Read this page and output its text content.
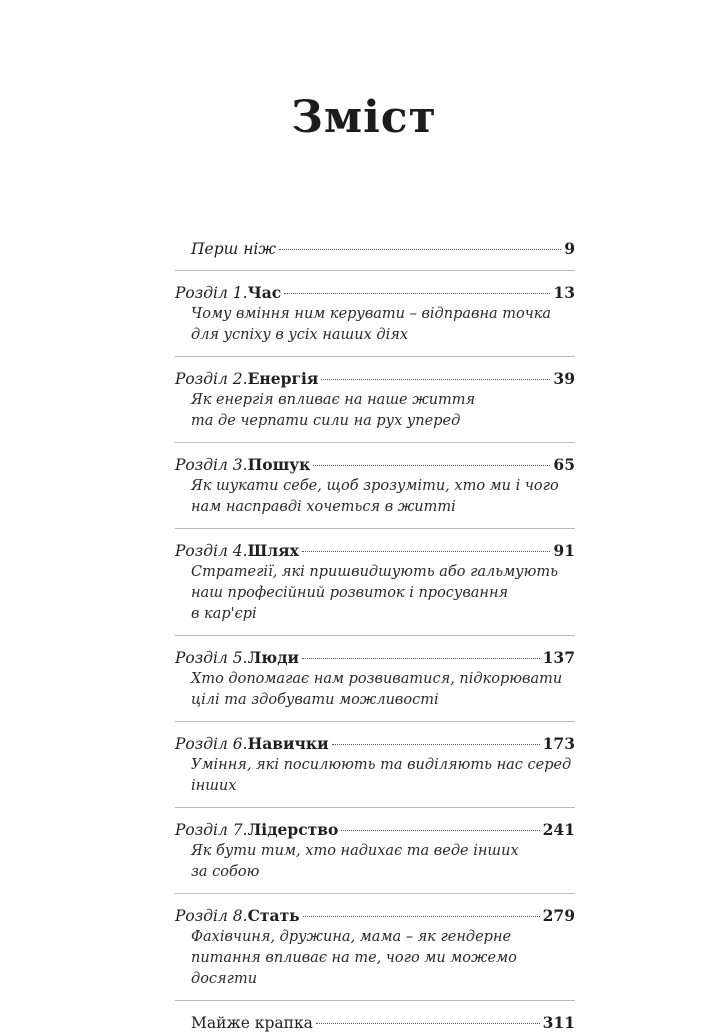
Зміст
Перш ніж	9
Розділ 1. Час	13
Чому вміння ним керувати – відправна точка
для успіху в усіх наших діях
Розділ 2. Енергія	39
Як енергія впливає на наше життя
та де черпати сили на рух уперед
Розділ 3. Пошук	65
Як шукати себе, щоб зрозуміти, хто ми і чого
нам насправді хочеться в житті
Розділ 4. Шлях	91
Стратегії, які пришвидшують або гальмують
наш професійний розвиток і просування
в кар'єрі
Розділ 5. Люди	137
Хто допомагає нам розвиватися, підкорювати
цілі та здобувати можливості
Розділ 6. Навички	173
Уміння, які посилюють та виділяють нас серед
інших
Розділ 7. Лідерство	241
Як бути тим, хто надихає та веде інших
за собою
Розділ 8. Стать	279
Фахівчиня, дружина, мама – як гендерне
питання впливає на те, чого ми можемо
досягти
Майже крапка	311
